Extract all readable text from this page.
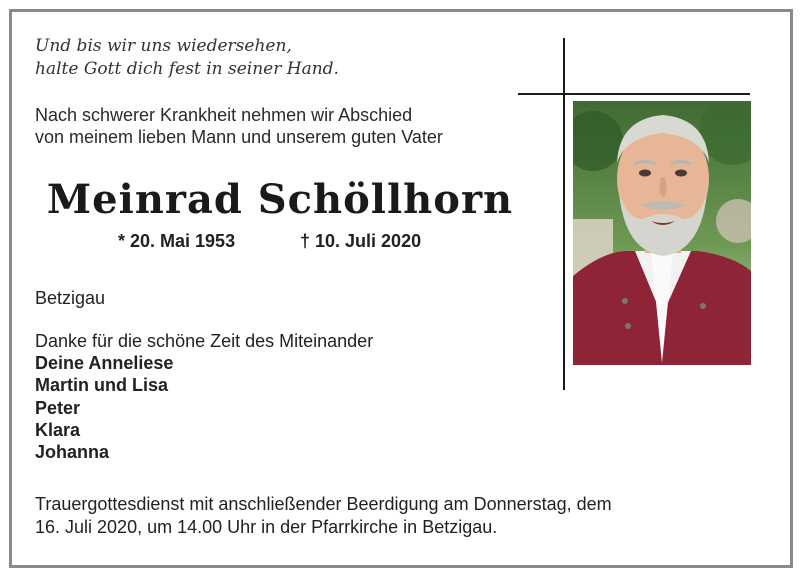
Und bis wir uns wiedersehen,
halte Gott dich fest in seiner Hand.
Nach schwerer Krankheit nehmen wir Abschied
von meinem lieben Mann und unserem guten Vater
Meinrad Schöllhorn
* 20. Mai 1953	† 10. Juli 2020
Betzigau
Danke für die schöne Zeit des Miteinander
Deine Anneliese
Martin und Lisa
Peter
Klara
Johanna
Trauergottesdienst mit anschließender Beerdigung am Donnerstag, dem
16. Juli 2020, um 14.00 Uhr in der Pfarrkirche in Betzigau.
